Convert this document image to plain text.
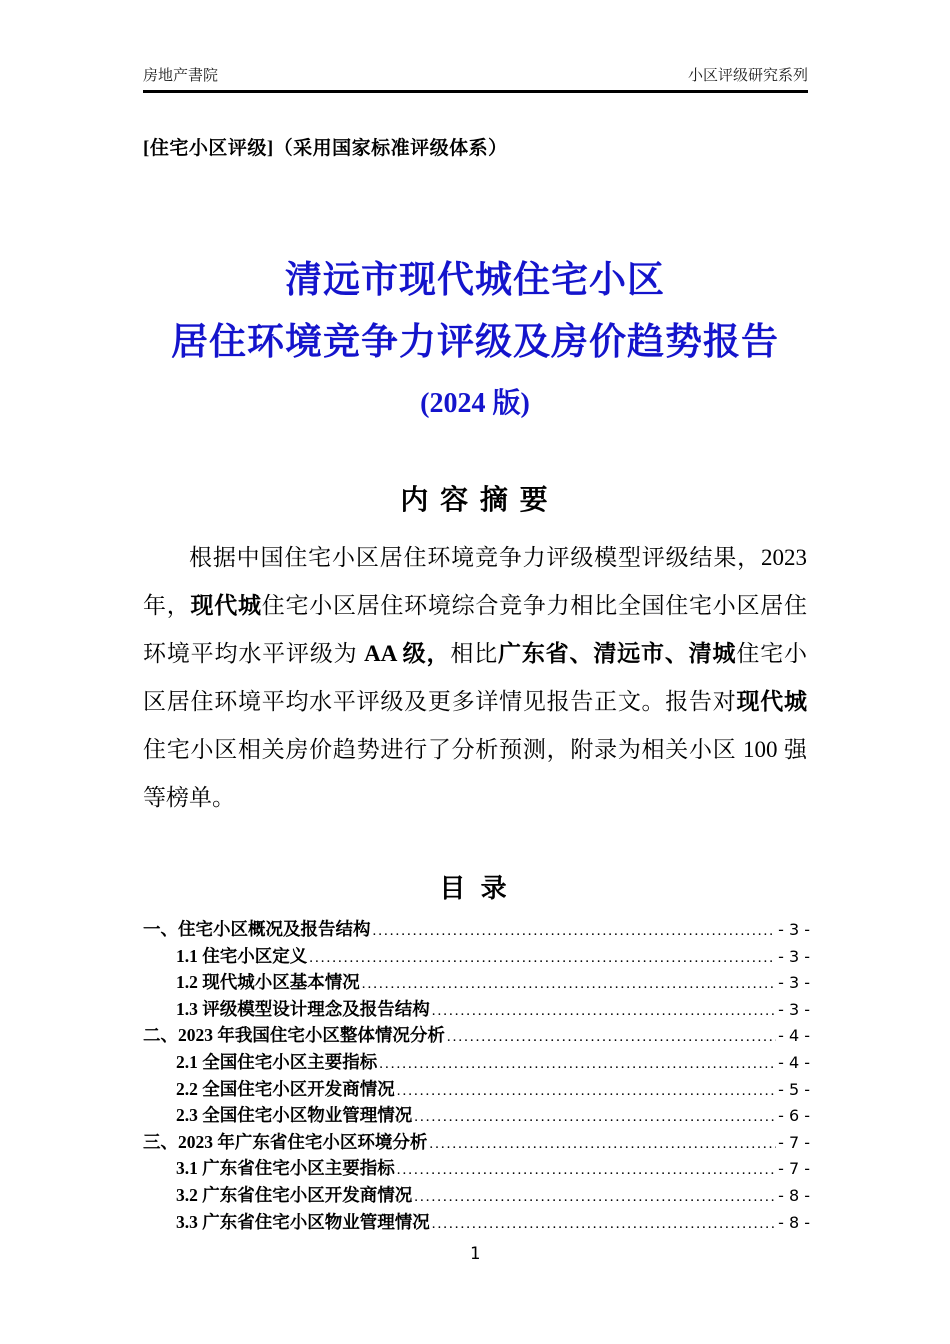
房地产書院	小区评级研究系列
[住宅小区评级]（采用国家标准评级体系）
清远市现代城住宅小区
居住环境竞争力评级及房价趋势报告
(2024 版)
内 容 摘 要

根据中国住宅小区居住环境竞争力评级模型评级结果，2023 年，现代城住宅小区居住环境综合竞争力相比全国住宅小区居住环境平均水平评级为 AA 级，相比广东省、清远市、清城住宅小区居住环境平均水平评级及更多详情见报告正文。报告对现代城住宅小区相关房价趋势进行了分析预测，附录为相关小区 100 强等榜单。

目 录
一、住宅小区概况及报告结构 .....	- 3 -
1.1 住宅小区定义 .....	- 3 -
1.2 现代城小区基本情况 .....	- 3 -
1.3 评级模型设计理念及报告结构 .....	- 3 -
二、2023 年我国住宅小区整体情况分析 .....	- 4 -
2.1 全国住宅小区主要指标 .....	- 4 -
2.2 全国住宅小区开发商情况 .....	- 5 -
2.3 全国住宅小区物业管理情况 .....	- 6 -
三、2023 年广东省住宅小区环境分析 .....	- 7 -
3.1 广东省住宅小区主要指标 .....	- 7 -
3.2 广东省住宅小区开发商情况 .....	- 8 -
3.3 广东省住宅小区物业管理情况 .....	- 8 -
1
